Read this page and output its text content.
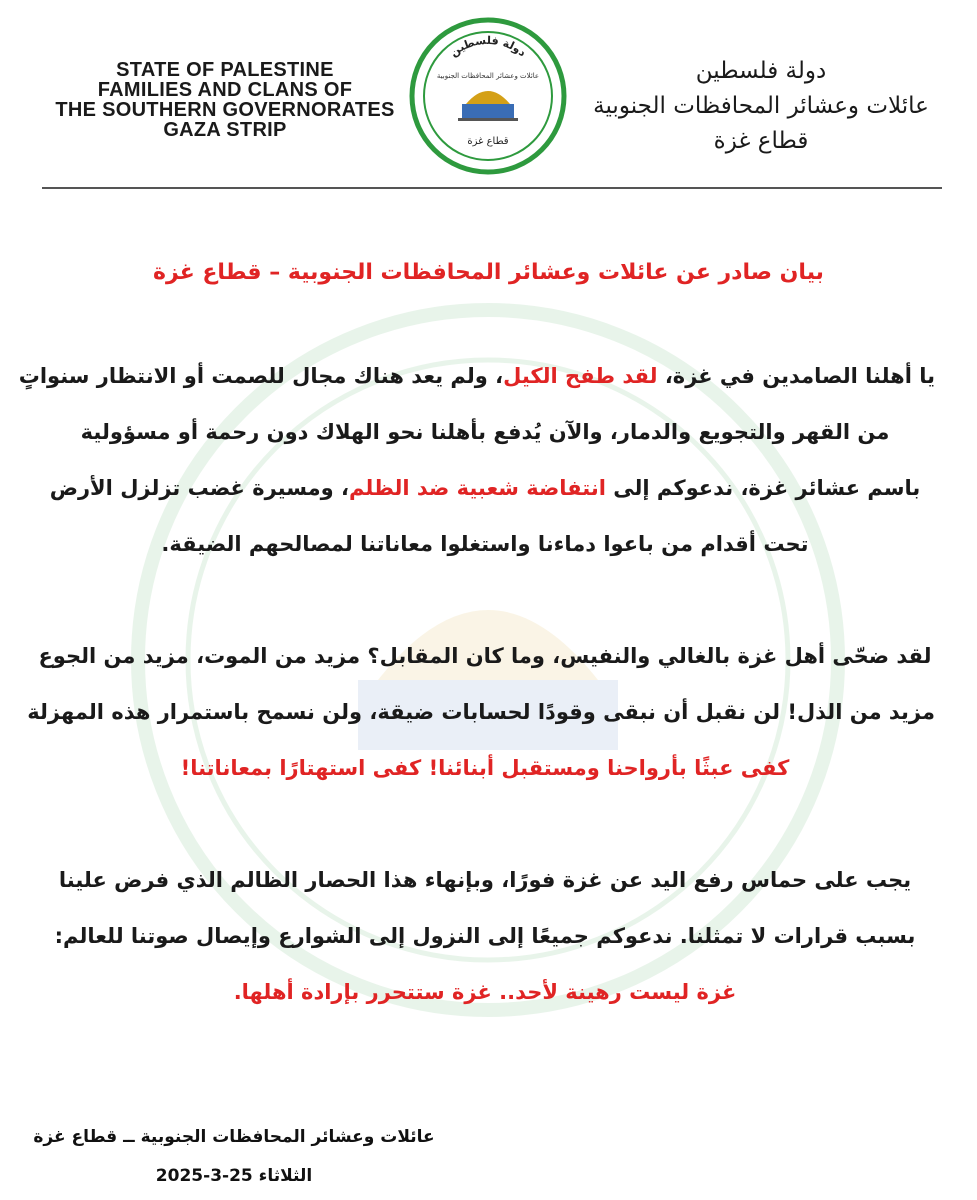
STATE OF PALESTINE
FAMILIES AND CLANS OF
THE SOUTHERN GOVERNORATES
GAZA STRIP
دولة فلسطين
عائلات وعشائر المحافظات الجنوبية
قطاع غزة
دولة فلسطين
عائلات وعشائر المحافظات الجنوبية
قطاع غزة
بيان صادر عن عائلات وعشائر المحافظات الجنوبية – قطاع غزة
يا أهلنا الصامدين في غزة، لقد طفح الكيل، ولم يعد هناك مجال للصمت أو الانتظار سنواتٍ
من القهر والتجويع والدمار، والآن يُدفع بأهلنا نحو الهلاك دون رحمة أو مسؤولية
باسم عشائر غزة، ندعوكم إلى انتفاضة شعبية ضد الظلم، ومسيرة غضب تزلزل الأرض
تحت أقدام من باعوا دماءنا واستغلوا معاناتنا لمصالحهم الضيقة.
لقد ضحّى أهل غزة بالغالي والنفيس، وما كان المقابل؟ مزيد من الموت، مزيد من الجوع
مزيد من الذل! لن نقبل أن نبقى وقودًا لحسابات ضيقة، ولن نسمح باستمرار هذه المهزلة
كفى عبثًا بأرواحنا ومستقبل أبنائنا! كفى استهتارًا بمعاناتنا!
يجب على حماس رفع اليد عن غزة فورًا، وبإنهاء هذا الحصار الظالم الذي فرض علينا
بسبب قرارات لا تمثلنا. ندعوكم جميعًا إلى النزول إلى الشوارع وإيصال صوتنا للعالم:
غزة ليست رهينة لأحد.. غزة ستتحرر بإرادة أهلها.
عائلات وعشائر المحافظات الجنوبية ــ قطاع غزة
الثلاثاء 25-3-2025
